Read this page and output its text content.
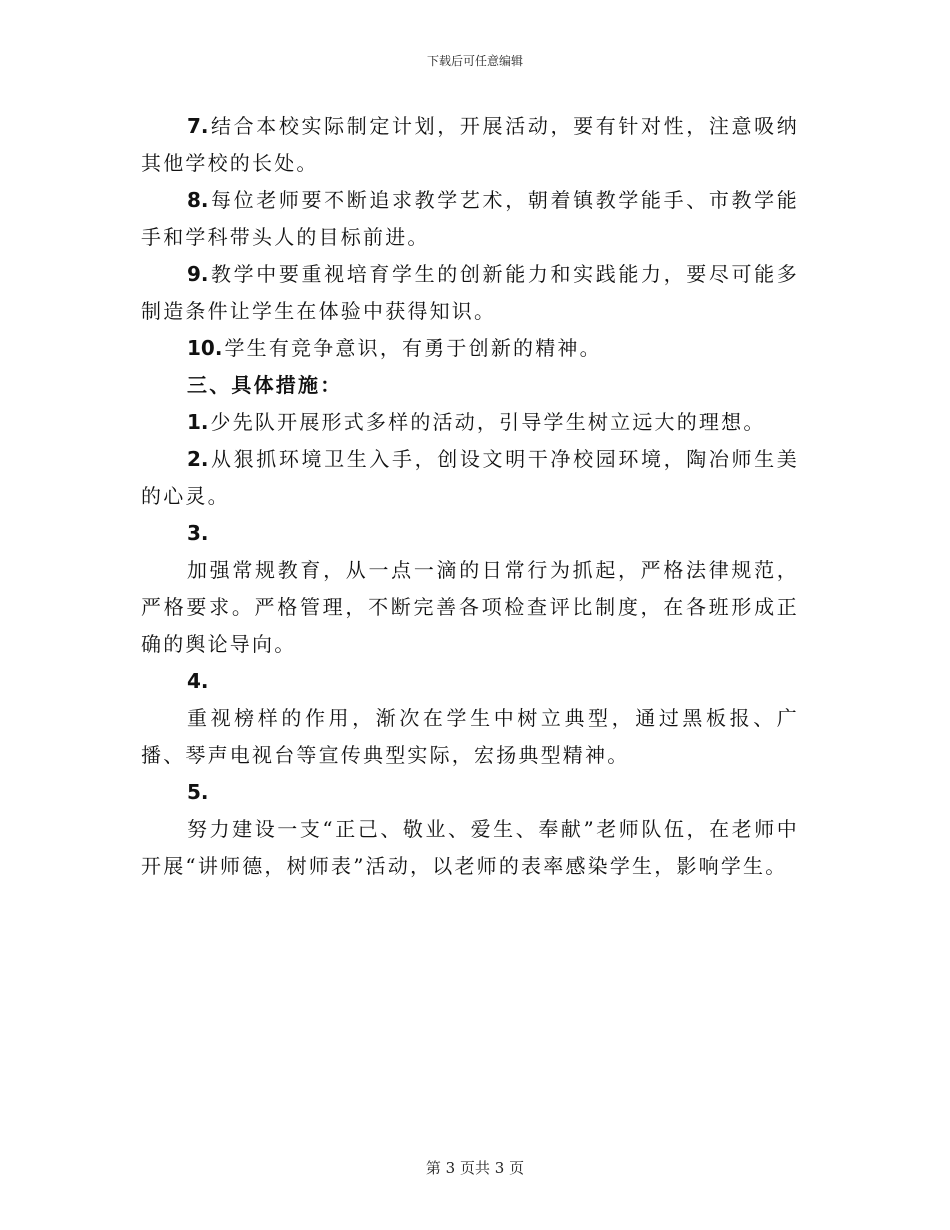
下载后可任意编辑

7. 结合本校实际制定计划，开展活动，要有针对性，注意吸纳其他学校的长处。

8. 每位老师要不断追求教学艺术，朝着镇教学能手、市教学能手和学科带头人的目标前进。

9. 教学中要重视培育学生的创新能力和实践能力，要尽可能多制造条件让学生在体验中获得知识。

10. 学生有竞争意识，有勇于创新的精神。

三、具体措施：

1. 少先队开展形式多样的活动，引导学生树立远大的理想。

2. 从狠抓环境卫生入手，创设文明干净校园环境，陶冶师生美的心灵。

3.

加强常规教育，从一点一滴的日常行为抓起，严格法律规范，严格要求。严格管理，不断完善各项检查评比制度，在各班形成正确的舆论导向。

4.

重视榜样的作用，渐次在学生中树立典型，通过黑板报、广播、琴声电视台等宣传典型实际，宏扬典型精神。

5.

努力建设一支“正己、敬业、爱生、奉献”老师队伍，在老师中开展“讲师德，树师表”活动，以老师的表率感染学生，影响学生。

第 3 页共 3 页
